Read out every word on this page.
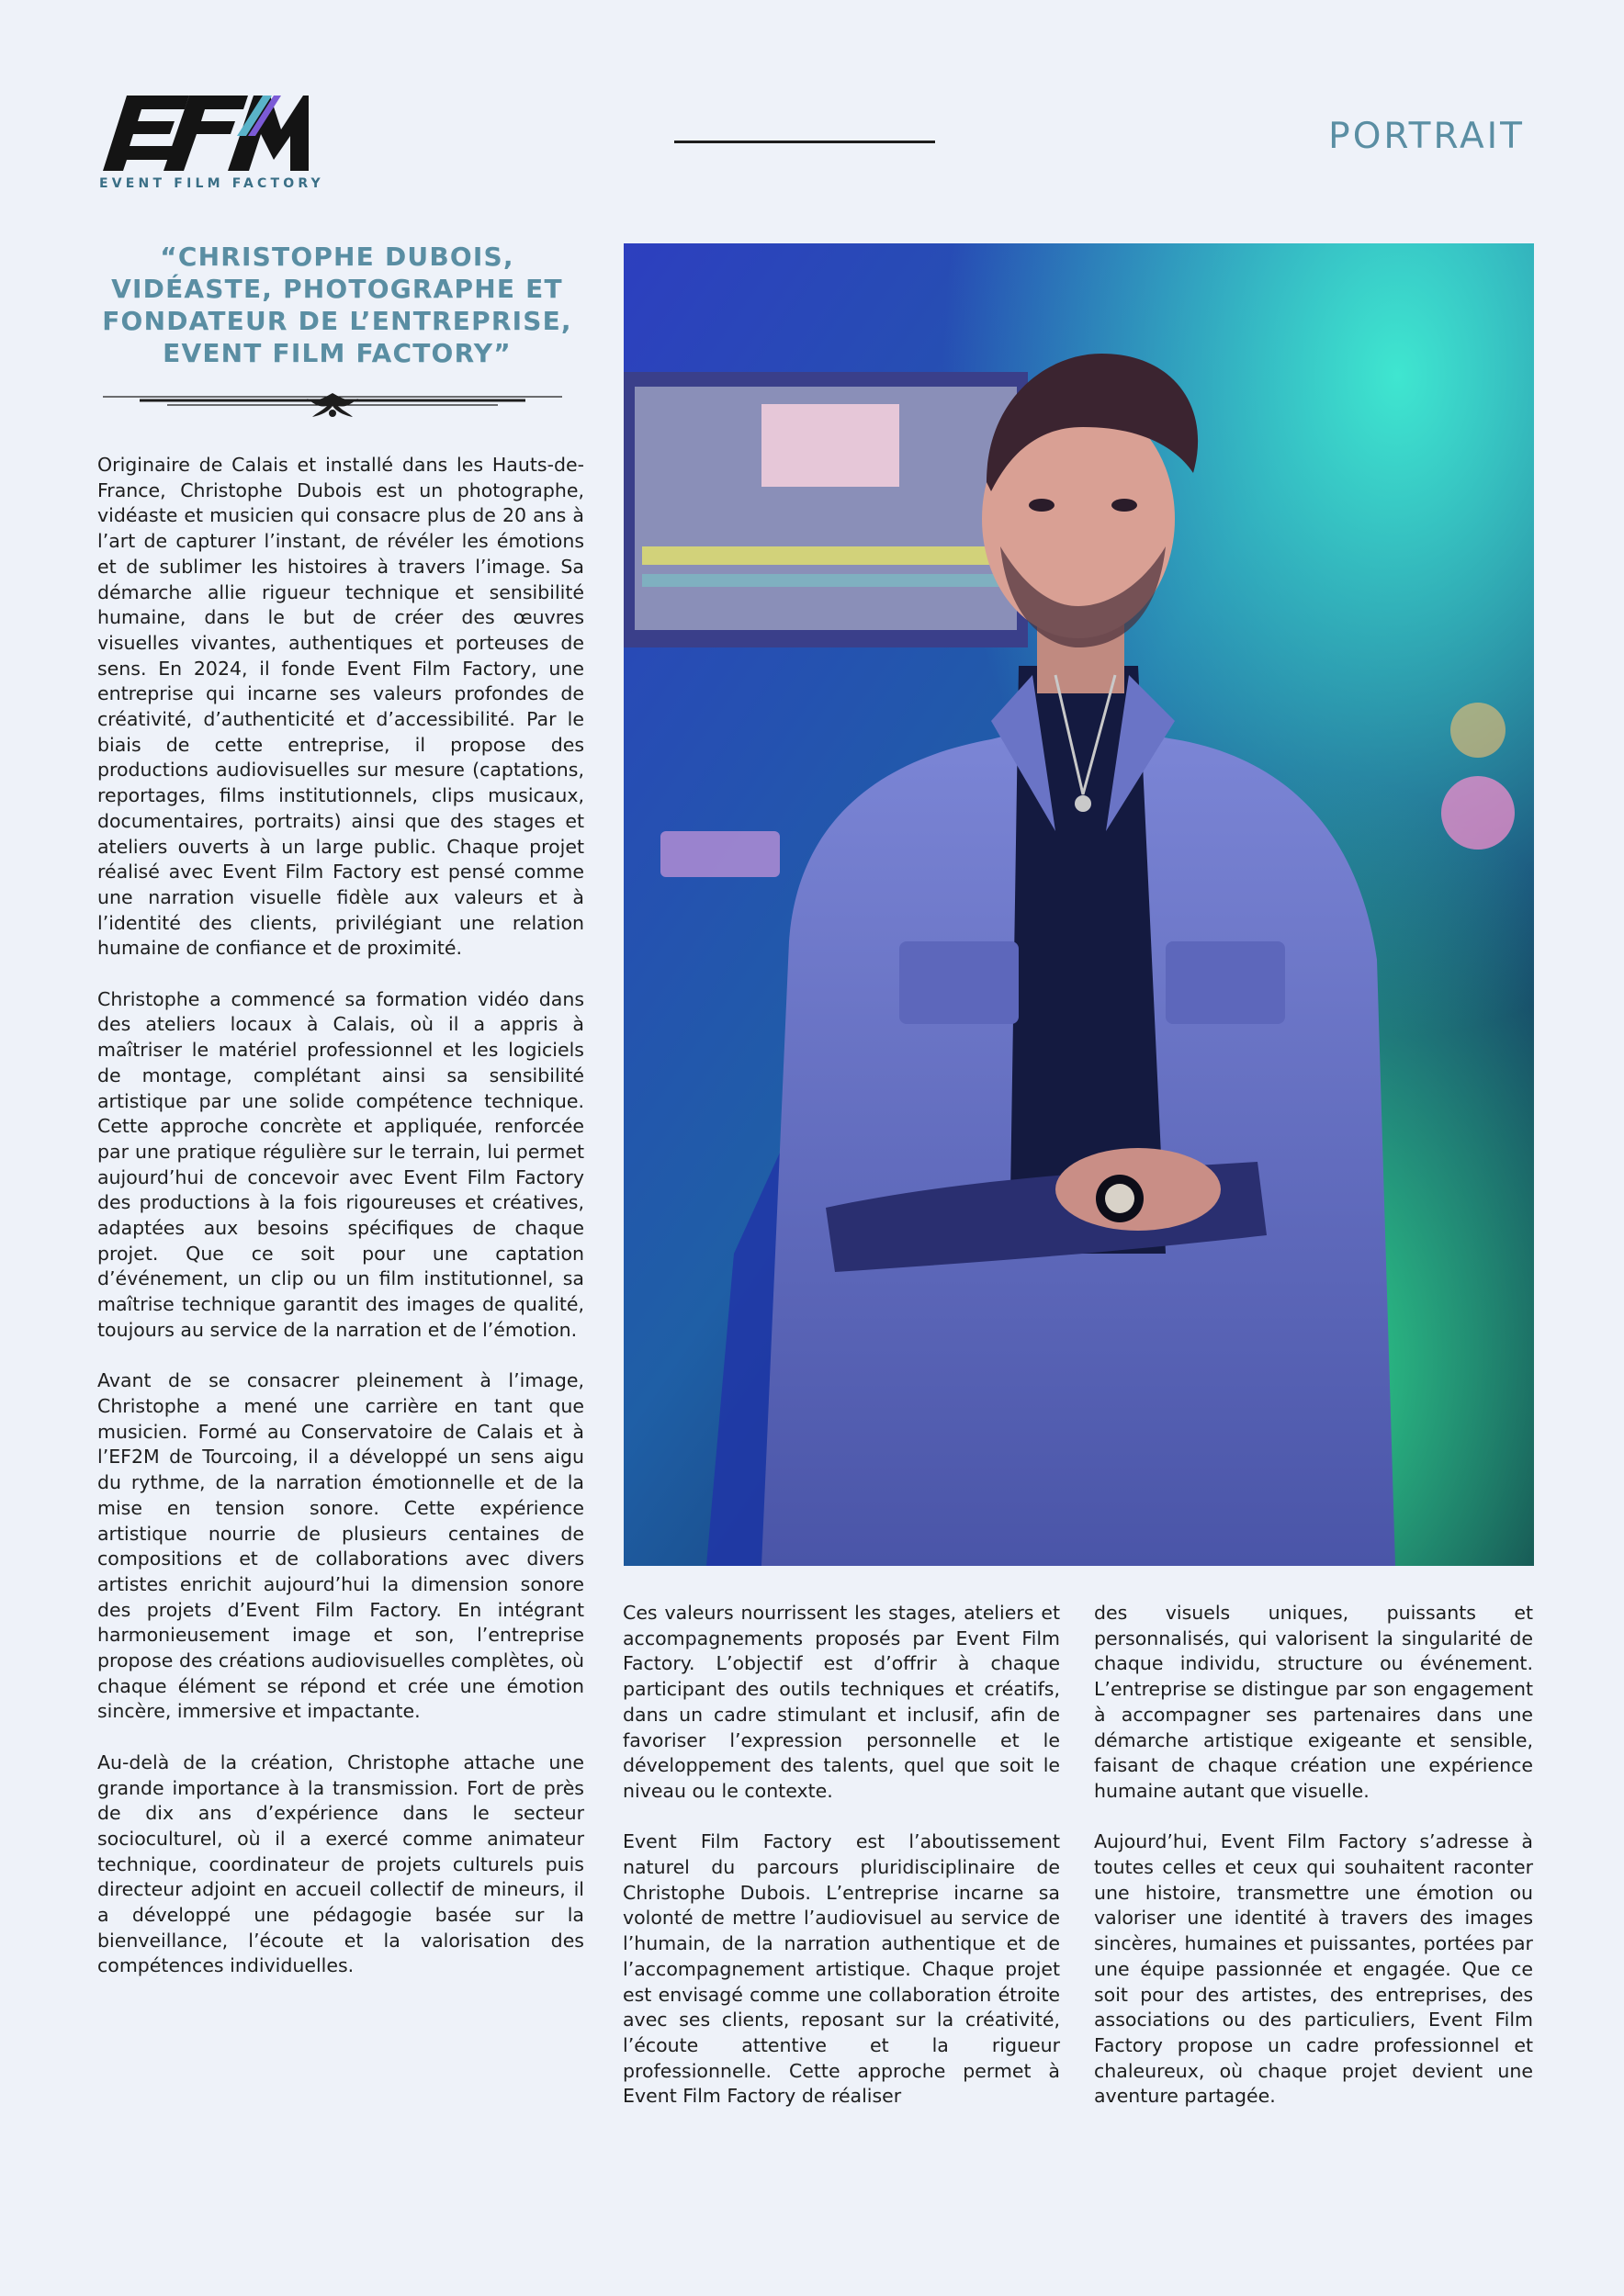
EVENT FILM FACTORY
PORTRAIT
“CHRISTOPHE DUBOIS, VIDÉASTE, PHOTOGRAPHE ET FONDATEUR DE L’ENTREPRISE, EVENT FILM FACTORY”

Originaire de Calais et installé dans les Hauts-de-France, Christophe Dubois est un photographe, vidéaste et musicien qui consacre plus de 20 ans à l’art de capturer l’instant, de révéler les émotions et de sublimer les histoires à travers l’image. Sa démarche allie rigueur technique et sensibilité humaine, dans le but de créer des œuvres visuelles vivantes, authentiques et porteuses de sens. En 2024, il fonde Event Film Factory, une entreprise qui incarne ses valeurs profondes de créativité, d’authenticité et d’accessibilité. Par le biais de cette entreprise, il propose des productions audiovisuelles sur mesure (captations, reportages, films institutionnels, clips musicaux, documentaires, portraits) ainsi que des stages et ateliers ouverts à un large public. Chaque projet réalisé avec Event Film Factory est pensé comme une narration visuelle fidèle aux valeurs et à l’identité des clients, privilégiant une relation humaine de confiance et de proximité.

Christophe a commencé sa formation vidéo dans des ateliers locaux à Calais, où il a appris à maîtriser le matériel professionnel et les logiciels de montage, complétant ainsi sa sensibilité artistique par une solide compétence technique. Cette approche concrète et appliquée, renforcée par une pratique régulière sur le terrain, lui permet aujourd’hui de concevoir avec Event Film Factory des productions à la fois rigoureuses et créatives, adaptées aux besoins spécifiques de chaque projet. Que ce soit pour une captation d’événement, un clip ou un film institutionnel, sa maîtrise technique garantit des images de qualité, toujours au service de la narration et de l’émotion.

Avant de se consacrer pleinement à l’image, Christophe a mené une carrière en tant que musicien. Formé au Conservatoire de Calais et à l’EF2M de Tourcoing, il a développé un sens aigu du rythme, de la narration émotionnelle et de la mise en tension sonore. Cette expérience artistique nourrie de plusieurs centaines de compositions et de collaborations avec divers artistes enrichit aujourd’hui la dimension sonore des projets d’Event Film Factory. En intégrant harmonieusement image et son, l’entreprise propose des créations audiovisuelles complètes, où chaque élément se répond et crée une émotion sincère, immersive et impactante.

Au-delà de la création, Christophe attache une grande importance à la transmission. Fort de près de dix ans d’expérience dans le secteur socioculturel, où il a exercé comme animateur technique, coordinateur de projets culturels puis directeur adjoint en accueil collectif de mineurs, il a développé une pédagogie basée sur la bienveillance, l’écoute et la valorisation des compétences individuelles.

Ces valeurs nourrissent les stages, ateliers et accompagnements proposés par Event Film Factory. L’objectif est d’offrir à chaque participant des outils techniques et créatifs, dans un cadre stimulant et inclusif, afin de favoriser l’expression personnelle et le développement des talents, quel que soit le niveau ou le contexte.

Event Film Factory est l’aboutissement naturel du parcours pluridisciplinaire de Christophe Dubois. L’entreprise incarne sa volonté de mettre l’audiovisuel au service de l’humain, de la narration authentique et de l’accompagnement artistique. Chaque projet est envisagé comme une collaboration étroite avec ses clients, reposant sur la créativité, l’écoute attentive et la rigueur professionnelle. Cette approche permet à Event Film Factory de réaliser

des visuels uniques, puissants et personnalisés, qui valorisent la singularité de chaque individu, structure ou événement. L’entreprise se distingue par son engagement à accompagner ses partenaires dans une démarche artistique exigeante et sensible, faisant de chaque création une expérience humaine autant que visuelle.

Aujourd’hui, Event Film Factory s’adresse à toutes celles et ceux qui souhaitent raconter une histoire, transmettre une émotion ou valoriser une identité à travers des images sincères, humaines et puissantes, portées par une équipe passionnée et engagée. Que ce soit pour des artistes, des entreprises, des associations ou des particuliers, Event Film Factory propose un cadre professionnel et chaleureux, où chaque projet devient une aventure partagée.
